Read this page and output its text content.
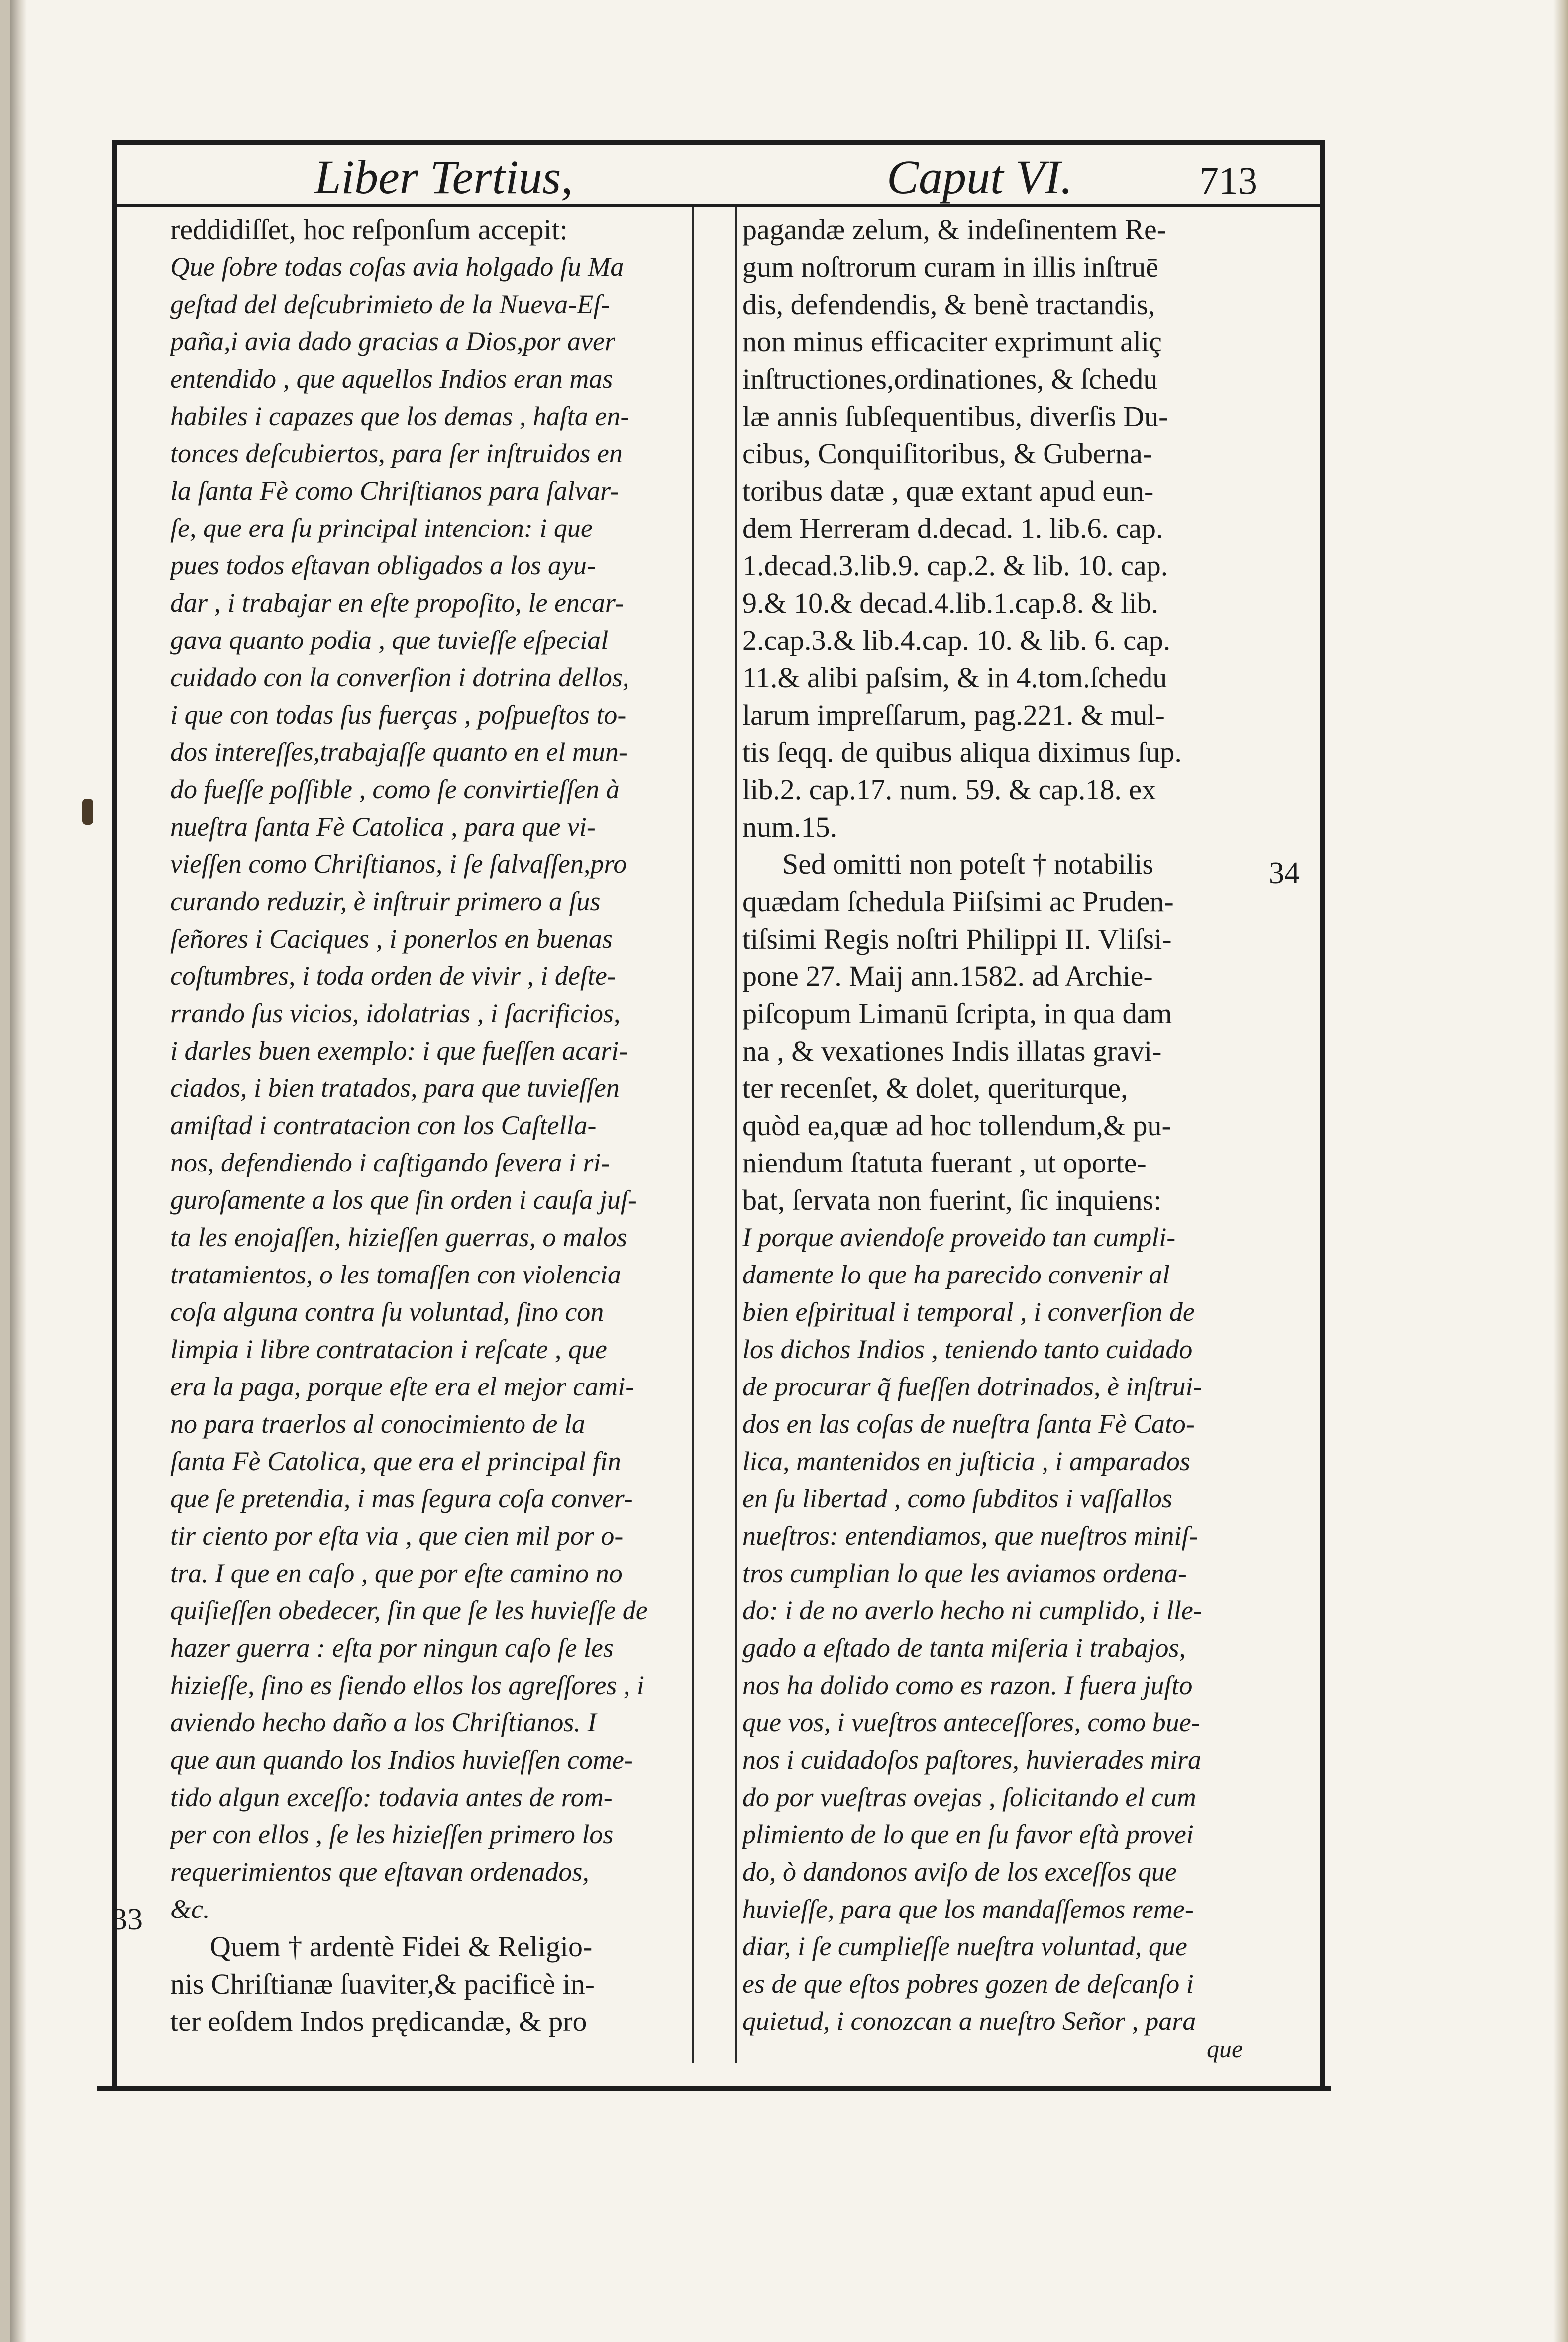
Liber Tertius,	Caput VI.	713
reddidiſſet, hoc reſponſum accepit:
Que ſobre todas coſas avia holgado ſu Ma
geſtad del deſcubrimieto de la Nueva-Eſ-
paña,i avia dado gracias a Dios,por aver
entendido , que aquellos Indios eran mas
habiles i capazes que los demas , haſta en-
tonces deſcubiertos, para ſer inſtruidos en
la ſanta Fè como Chriſtianos para ſalvar-
ſe, que era ſu principal intencion: i que
pues todos eſtavan obligados a los ayu-
dar , i trabajar en eſte propoſito, le encar-
gava quanto podia , que tuvieſſe eſpecial
cuidado con la converſion i dotrina dellos,
i que con todas ſus fuerças , poſpueſtos to-
dos intereſſes,trabajaſſe quanto en el mun-
do fueſſe poſſible , como ſe convirtieſſen à
nueſtra ſanta Fè Catolica , para que vi-
vieſſen como Chriſtianos, i ſe ſalvaſſen,pro
curando reduzir, è inſtruir primero a ſus
ſeñores i Caciques , i ponerlos en buenas
coſtumbres, i toda orden de vivir , i deſte-
rrando ſus vicios, idolatrias , i ſacrificios,
i darles buen exemplo: i que fueſſen acari-
ciados, i bien tratados, para que tuvieſſen
amiſtad i contratacion con los Caſtella-
nos, defendiendo i caſtigando ſevera i ri-
guroſamente a los que ſin orden i cauſa juſ-
ta les enojaſſen, hizieſſen guerras, o malos
tratamientos, o les tomaſſen con violencia
coſa alguna contra ſu voluntad, ſino con
limpia i libre contratacion i reſcate , que
era la paga, porque eſte era el mejor cami-
no para traerlos al conocimiento de la
ſanta Fè Catolica, que era el principal fin
que ſe pretendia, i mas ſegura coſa conver-
tir ciento por eſta via , que cien mil por o-
tra. I que en caſo , que por eſte camino no
quiſieſſen obedecer, ſin que ſe les huvieſſe de
hazer guerra : eſta por ningun caſo ſe les
hizieſſe, ſino es ſiendo ellos los agreſſores , i
aviendo hecho daño a los Chriſtianos. I
que aun quando los Indios huvieſſen come-
tido algun exceſſo: todavia antes de rom-
per con ellos , ſe les hizieſſen primero los
requerimientos que eſtavan ordenados,
&c.
Quem † ardentè Fidei & Religio-
nis Chriſtianæ ſuaviter,& pacificè in-
ter eoſdem Indos prędicandæ, & pro
pagandæ zelum, & indeſinentem Re-
gum noſtrorum curam in illis inſtruē
dis, defendendis, & benè tractandis,
non minus efficaciter exprimunt aliç
inſtructiones,ordinationes, & ſchedu
læ annis ſubſequentibus, diverſis Du-
cibus, Conquiſitoribus, & Guberna-
toribus datæ , quæ extant apud eun-
dem Herreram d.decad. 1. lib.6. cap.
1.decad.3.lib.9. cap.2. & lib. 10. cap.
9.& 10.& decad.4.lib.1.cap.8. & lib.
2.cap.3.& lib.4.cap. 10. & lib. 6. cap.
11.& alibi paſsim, & in 4.tom.ſchedu
larum impreſſarum, pag.221. & mul-
tis ſeqq. de quibus aliqua diximus ſup.
lib.2. cap.17. num. 59. & cap.18. ex
num.15.
Sed omitti non poteſt † notabilis
quædam ſchedula Piiſsimi ac Pruden-
tiſsimi Regis noſtri Philippi II. Vliſsi-
pone 27. Maij ann.1582. ad Archie-
piſcopum Limanū ſcripta, in qua dam
na , & vexationes Indis illatas gravi-
ter recenſet, & dolet, queriturque,
quòd ea,quæ ad hoc tollendum,& pu-
niendum ſtatuta fuerant , ut oporte-
bat, ſervata non fuerint, ſic inquiens:
I porque aviendoſe proveido tan cumpli-
damente lo que ha parecido convenir al
bien eſpiritual i temporal , i converſion de
los dichos Indios , teniendo tanto cuidado
de procurar q̃ fueſſen dotrinados, è inſtrui-
dos en las coſas de nueſtra ſanta Fè Cato-
lica, mantenidos en juſticia , i amparados
en ſu libertad , como ſubditos i vaſſallos
nueſtros: entendiamos, que nueſtros miniſ-
tros cumplian lo que les aviamos ordena-
do: i de no averlo hecho ni cumplido, i lle-
gado a eſtado de tanta miſeria i trabajos,
nos ha dolido como es razon. I fuera juſto
que vos, i vueſtros anteceſſores, como bue-
nos i cuidadoſos paſtores, huvierades mira
do por vueſtras ovejas , ſolicitando el cum
plimiento de lo que en ſu favor eſtà provei
do, ò dandonos aviſo de los exceſſos que
huvieſſe, para que los mandaſſemos reme-
diar, i ſe cumplieſſe nueſtra voluntad, que
es de que eſtos pobres gozen de deſcanſo i
quietud, i conozcan a nueſtro Señor , para
33
34
que
